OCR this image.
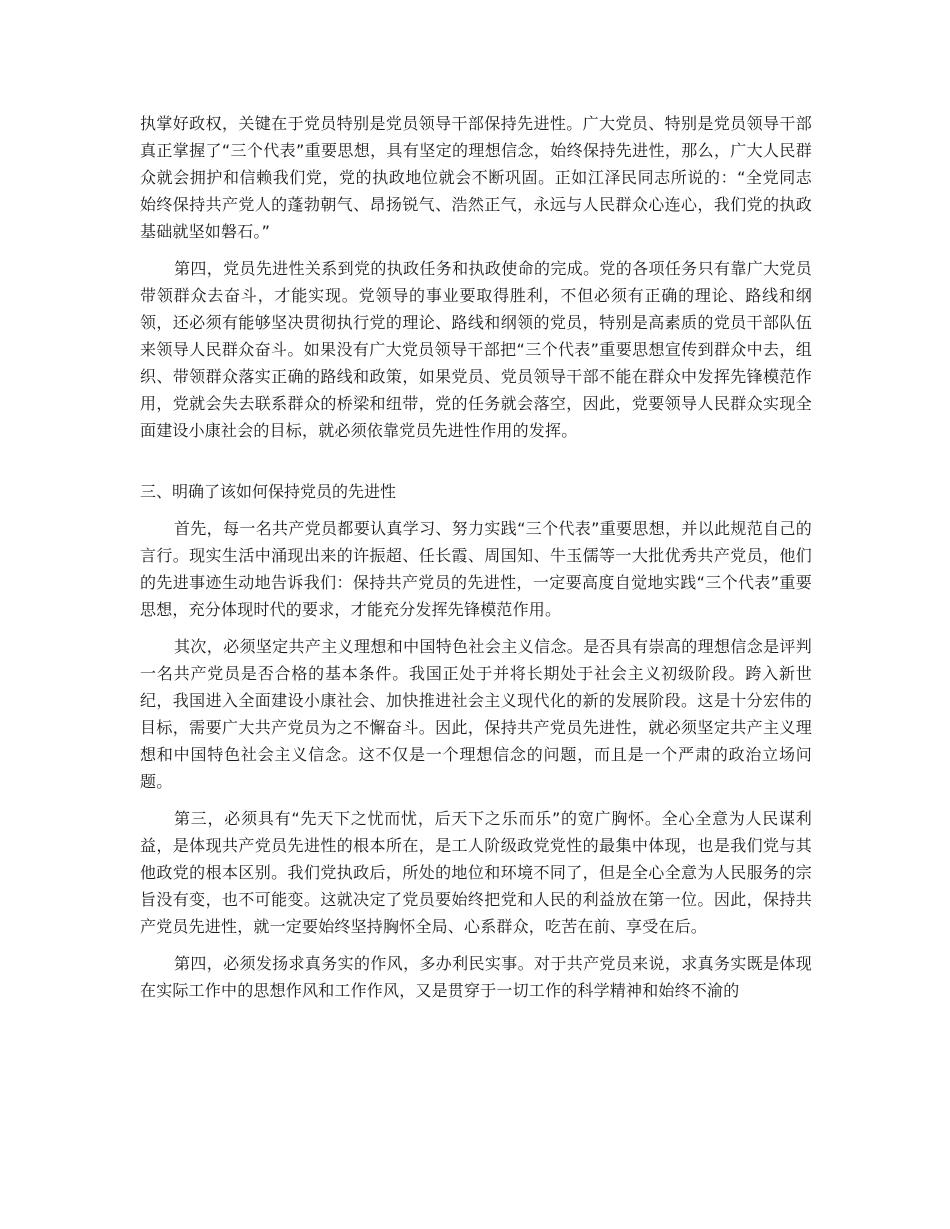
执掌好政权，关键在于党员特别是党员领导干部保持先进性。广大党员、特别是党员领导干部真正掌握了“三个代表”重要思想，具有坚定的理想信念，始终保持先进性，那么，广大人民群众就会拥护和信赖我们党，党的执政地位就会不断巩固。正如江泽民同志所说的：“全党同志始终保持共产党人的蓬勃朝气、昂扬锐气、浩然正气，永远与人民群众心连心，我们党的执政基础就坚如磐石。”

第四，党员先进性关系到党的执政任务和执政使命的完成。党的各项任务只有靠广大党员带领群众去奋斗，才能实现。党领导的事业要取得胜利，不但必须有正确的理论、路线和纲领，还必须有能够坚决贯彻执行党的理论、路线和纲领的党员，特别是高素质的党员干部队伍来领导人民群众奋斗。如果没有广大党员领导干部把“三个代表”重要思想宣传到群众中去，组织、带领群众落实正确的路线和政策，如果党员、党员领导干部不能在群众中发挥先锋模范作用，党就会失去联系群众的桥梁和纽带，党的任务就会落空，因此，党要领导人民群众实现全面建设小康社会的目标，就必须依靠党员先进性作用的发挥。

三、明确了该如何保持党员的先进性

首先，每一名共产党员都要认真学习、努力实践“三个代表”重要思想，并以此规范自己的言行。现实生活中涌现出来的许振超、任长霞、周国知、牛玉儒等一大批优秀共产党员，他们的先进事迹生动地告诉我们：保持共产党员的先进性，一定要高度自觉地实践“三个代表”重要思想，充分体现时代的要求，才能充分发挥先锋模范作用。

其次，必须坚定共产主义理想和中国特色社会主义信念。是否具有崇高的理想信念是评判一名共产党员是否合格的基本条件。我国正处于并将长期处于社会主义初级阶段。跨入新世纪，我国进入全面建设小康社会、加快推进社会主义现代化的新的发展阶段。这是十分宏伟的目标，需要广大共产党员为之不懈奋斗。因此，保持共产党员先进性，就必须坚定共产主义理想和中国特色社会主义信念。这不仅是一个理想信念的问题，而且是一个严肃的政治立场问题。

第三，必须具有“先天下之忧而忧，后天下之乐而乐”的宽广胸怀。全心全意为人民谋利益，是体现共产党员先进性的根本所在，是工人阶级政党党性的最集中体现，也是我们党与其他政党的根本区别。我们党执政后，所处的地位和环境不同了，但是全心全意为人民服务的宗旨没有变，也不可能变。这就决定了党员要始终把党和人民的利益放在第一位。因此，保持共产党员先进性，就一定要始终坚持胸怀全局、心系群众，吃苦在前、享受在后。

第四，必须发扬求真务实的作风，多办利民实事。对于共产党员来说，求真务实既是体现在实际工作中的思想作风和工作作风，又是贯穿于一切工作的科学精神和始终不渝的
